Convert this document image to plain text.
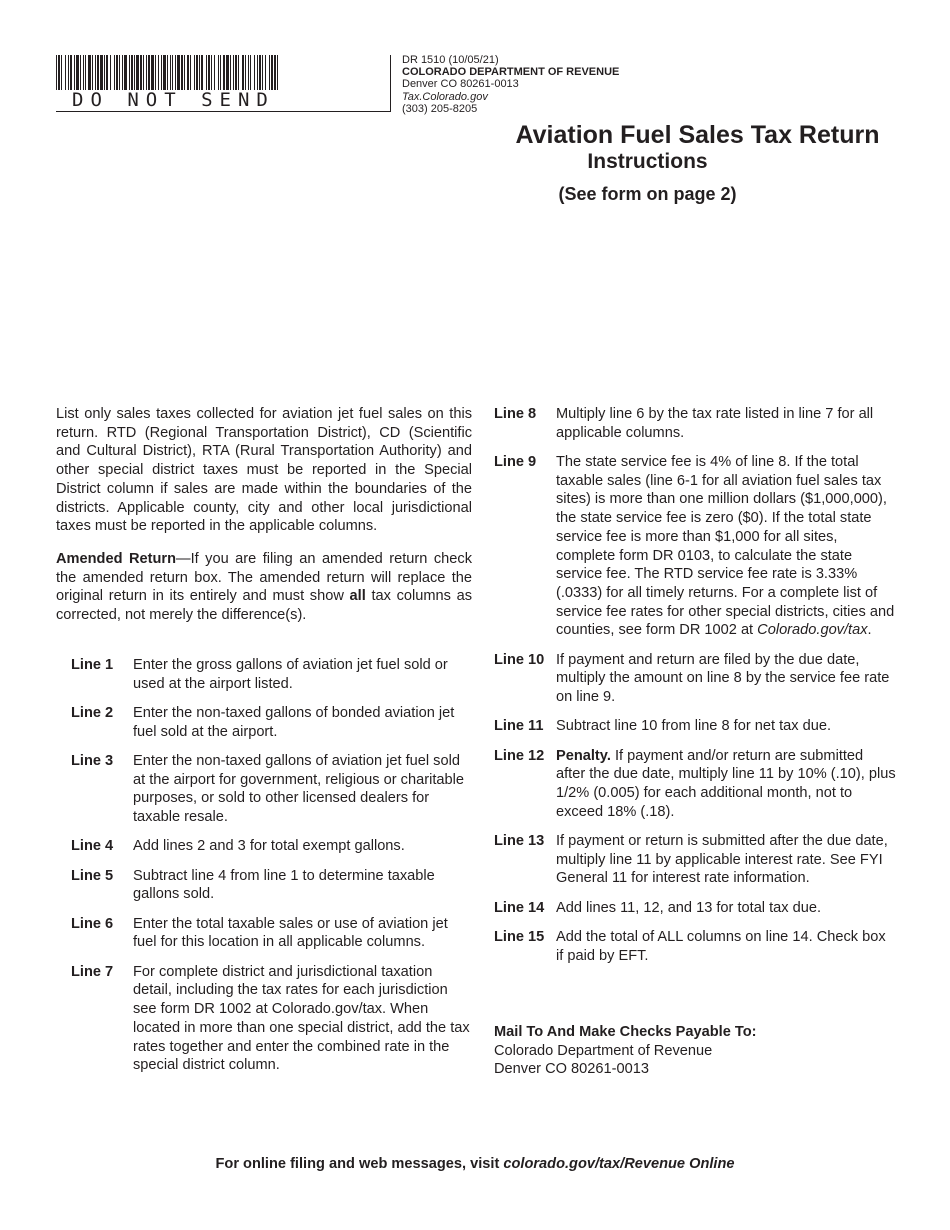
DO NOT SEND
DR 1510 (10/05/21)
COLORADO DEPARTMENT OF REVENUE
Denver CO 80261-0013
Tax.Colorado.gov
(303) 205-8205
Aviation Fuel Sales Tax Return
Instructions
(See form on page 2)
List only sales taxes collected for aviation jet fuel sales on this return. RTD (Regional Transportation District), CD (Scientific and Cultural District), RTA (Rural Transportation Authority) and other special district taxes must be reported in the Special District column if sales are made within the boundaries of the districts. Applicable county, city and other local jurisdictional taxes must be reported in the applicable columns.
Amended Return—If you are filing an amended return check the amended return box. The amended return will replace the original return in its entirely and must show all tax columns as corrected, not merely the difference(s).
Line 1	Enter the gross gallons of aviation jet fuel sold or used at the airport listed.
Line 2	Enter the non-taxed gallons of bonded aviation jet fuel sold at the airport.
Line 3	Enter the non-taxed gallons of aviation jet fuel sold at the airport for government, religious or charitable purposes, or sold to other licensed dealers for taxable resale.
Line 4	Add lines 2 and 3 for total exempt gallons.
Line 5	Subtract line 4 from line 1 to determine taxable gallons sold.
Line 6	Enter the total taxable sales or use of aviation jet fuel for this location in all applicable columns.
Line 7	For complete district and jurisdictional taxation detail, including the tax rates for each jurisdiction see form DR 1002 at Colorado.gov/tax. When located in more than one special district, add the tax rates together and enter the combined rate in the special district column.
Line 8	Multiply line 6 by the tax rate listed in line 7 for all applicable columns.
Line 9	The state service fee is 4% of line 8. If the total taxable sales (line 6-1 for all aviation fuel sales tax sites) is more than one million dollars ($1,000,000), the state service fee is zero ($0). If the total state service fee is more than $1,000 for all sites, complete form DR 0103, to calculate the state service fee. The RTD service fee rate is 3.33% (.0333) for all timely returns. For a complete list of service fee rates for other special districts, cities and counties, see form DR 1002 at Colorado.gov/tax.
Line 10 If payment and return are filed by the due date, multiply the amount on line 8 by the service fee rate on line 9.
Line 11 Subtract line 10 from line 8 for net tax due.
Line 12 Penalty. If payment and/or return are submitted after the due date, multiply line 11 by 10% (.10), plus 1/2% (0.005) for each additional month, not to exceed 18% (.18).
Line 13 If payment or return is submitted after the due date, multiply line 11 by applicable interest rate. See FYI General 11 for interest rate information.
Line 14 Add lines 11, 12, and 13 for total tax due.
Line 15 Add the total of ALL columns on line 14. Check box if paid by EFT.
Mail To And Make Checks Payable To:
Colorado Department of Revenue
Denver CO 80261-0013
For online filing and web messages, visit colorado.gov/tax/Revenue Online
